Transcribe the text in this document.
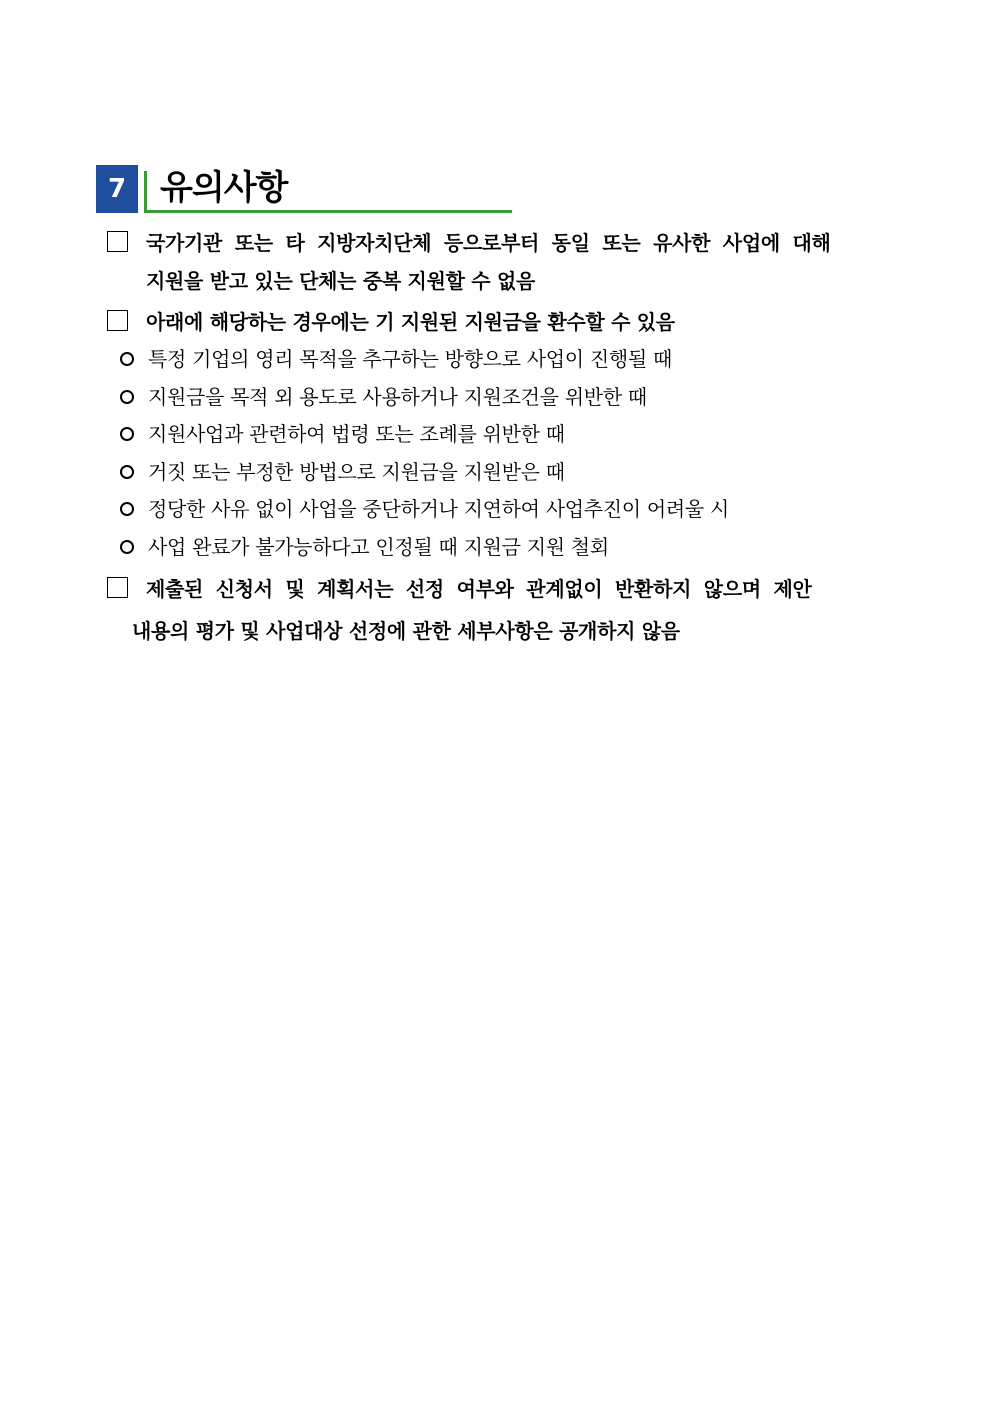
7 유의사항
국가기관 또는 타 지방자치단체 등으로부터 동일 또는 유사한 사업에 대해
지원을 받고 있는 단체는 중복 지원할 수 없음
아래에 해당하는 경우에는 기 지원된 지원금을 환수할 수 있음
특정 기업의 영리 목적을 추구하는 방향으로 사업이 진행될 때
지원금을 목적 외 용도로 사용하거나 지원조건을 위반한 때
지원사업과 관련하여 법령 또는 조례를 위반한 때
거짓 또는 부정한 방법으로 지원금을 지원받은 때
정당한 사유 없이 사업을 중단하거나 지연하여 사업추진이 어려울 시
사업 완료가 불가능하다고 인정될 때 지원금 지원 철회
제출된 신청서 및 계획서는 선정 여부와 관계없이 반환하지 않으며 제안
내용의 평가 및 사업대상 선정에 관한 세부사항은 공개하지 않음
